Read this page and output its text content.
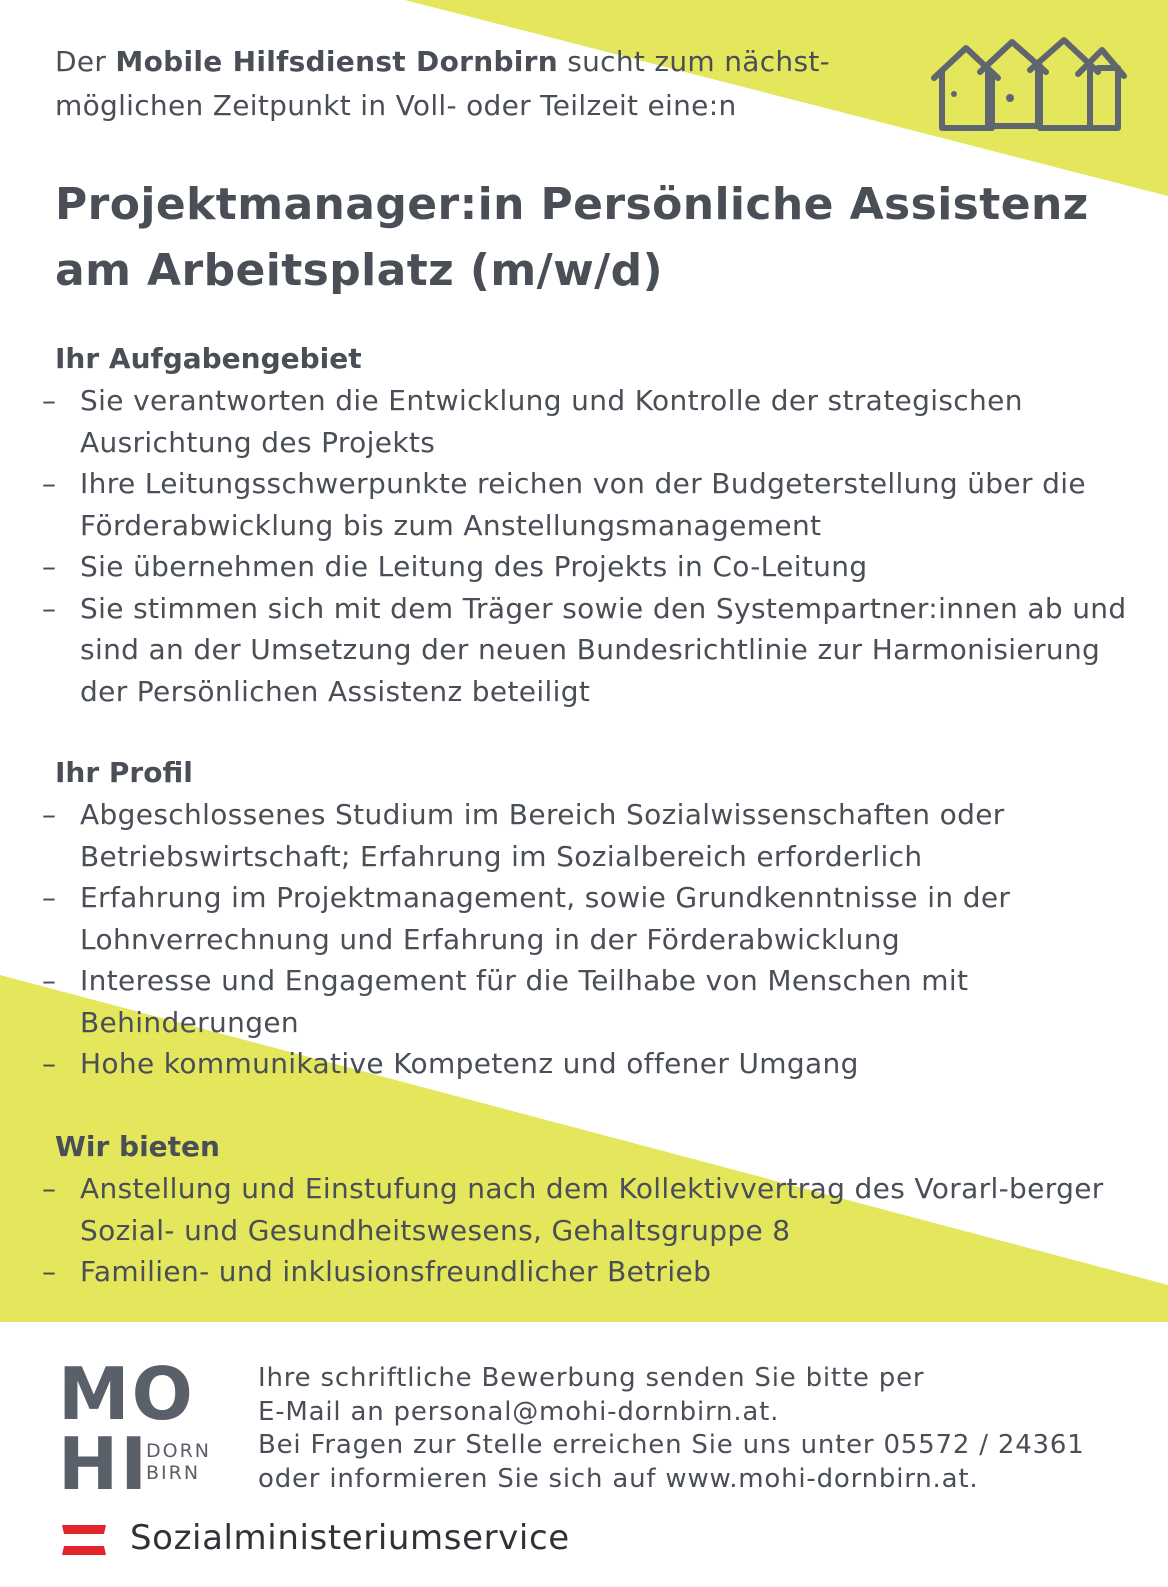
Der Mobile Hilfsdienst Dornbirn sucht zum nächst-
möglichen Zeitpunkt in Voll- oder Teilzeit eine:n
Projektmanager:in Persönliche Assistenz
am Arbeitsplatz (m/w/d)
Ihr Aufgabengebiet
– Sie verantworten die Entwicklung und Kontrolle der strategischen Ausrichtung des Projekts
– Ihre Leitungsschwerpunkte reichen von der Budgeterstellung über die Förderabwicklung bis zum Anstellungsmanagement
– Sie übernehmen die Leitung des Projekts in Co-Leitung
– Sie stimmen sich mit dem Träger sowie den Systempartner:innen ab und sind an der Umsetzung der neuen Bundesrichtlinie zur Harmonisierung der Persönlichen Assistenz beteiligt
Ihr Profil
– Abgeschlossenes Studium im Bereich Sozialwissenschaften oder Betriebswirtschaft; Erfahrung im Sozialbereich erforderlich
– Erfahrung im Projektmanagement, sowie Grundkenntnisse in der Lohnverrechnung und Erfahrung in der Förderabwicklung
– Interesse und Engagement für die Teilhabe von Menschen mit Behinderungen
– Hohe kommunikative Kompetenz und offener Umgang
Wir bieten
– Anstellung und Einstufung nach dem Kollektivvertrag des Vorarl-berger Sozial- und Gesundheitswesens, Gehaltsgruppe 8
– Familien- und inklusionsfreundlicher Betrieb
MO
HI
DORN
BIRN

Ihre schriftliche Bewerbung senden Sie bitte per

E-Mail an personal@mohi-dornbirn.at.

Bei Fragen zur Stelle erreichen Sie uns unter 05572 / 24361

oder informieren Sie sich auf www.mohi-dornbirn.at.

Sozialministeriumservice
